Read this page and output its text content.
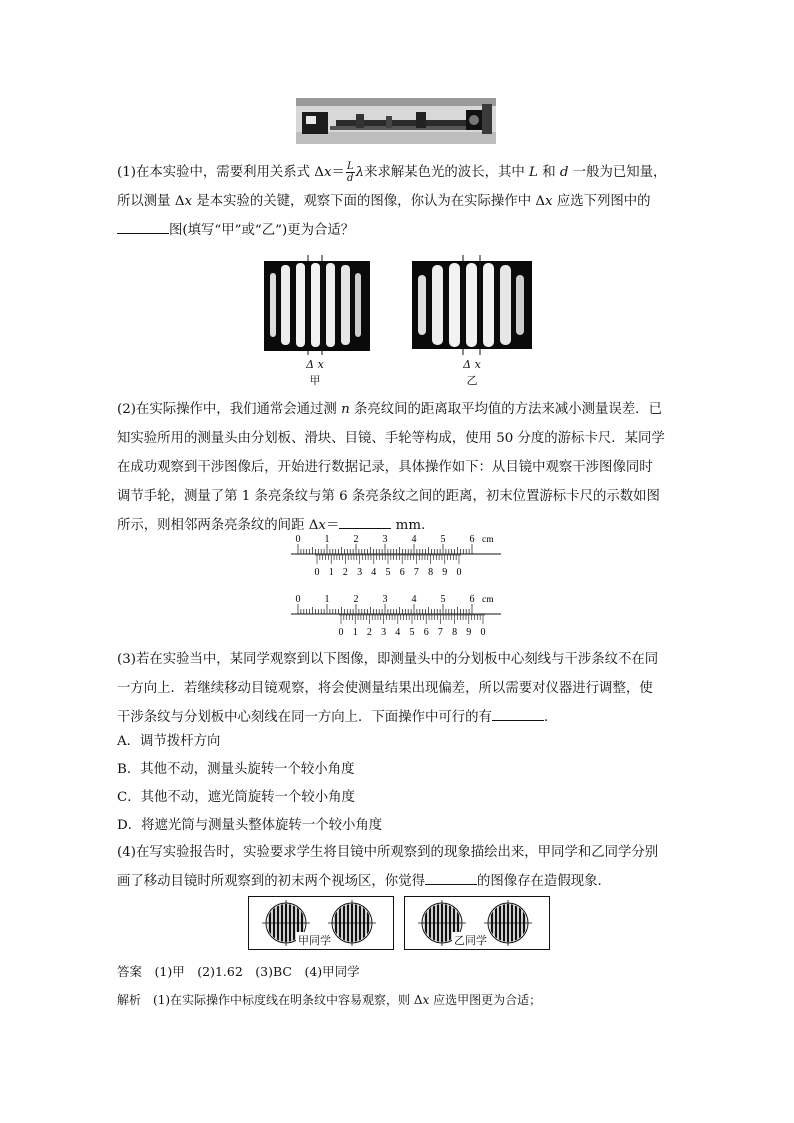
(1)在本实验中，需要利用关系式 $\Delta x= \frac{L}{d}$ λ来求解某色光的波长，其中 L 和 d 一般为已知量，
所以测量 Δx 是本实验的关键，观察下面的图像，你认为在实际操作中 Δx 应选下列图中的
图(填写“甲”或“乙”)更为合适？
Δ x
甲
Δ x
乙
(2)在实际操作中，我们通常会通过测 n 条亮纹间的距离取平均值的方法来减小测量误差．已
知实验所用的测量头由分划板、滑块、目镜、手轮等构成，使用 50 分度的游标卡尺．某同学
在成功观察到干涉图像后，开始进行数据记录，具体操作如下：从目镜中观察干涉图像同时
调节手轮，测量了第 1 条亮条纹与第 6 条亮条纹之间的距离，初末位置游标卡尺的示数如图
所示，则相邻两条亮条纹的间距 Δx＝	mm.
0 1 2 3 4 5 6 cm
0 1 2 3 4 5 6 7 8 9 0
0 1 2 3 4 5 6 cm
0 1 2 3 4 5 6 7 8 9 0
(3)若在实验当中，某同学观察到以下图像，即测量头中的分划板中心刻线与干涉条纹不在同
一方向上．若继续移动目镜观察，将会使测量结果出现偏差，所以需要对仪器进行调整，使
干涉条纹与分划板中心刻线在同一方向上．下面操作中可行的有	．
A．调节拨杆方向
B．其他不动，测量头旋转一个较小角度
C．其他不动，遮光筒旋转一个较小角度
D．将遮光筒与测量头整体旋转一个较小角度
(4)在写实验报告时，实验要求学生将目镜中所观察到的现象描绘出来，甲同学和乙同学分别
画了移动目镜时所观察到的初末两个视场区，你觉得	的图像存在造假现象．
甲同学	乙同学
答案　 (1)甲　(2)1.62　(3)BC　(4)甲同学
解析　 (1)在实际操作中标度线在明条纹中容易观察，则 Δx 应选甲图更为合适；
